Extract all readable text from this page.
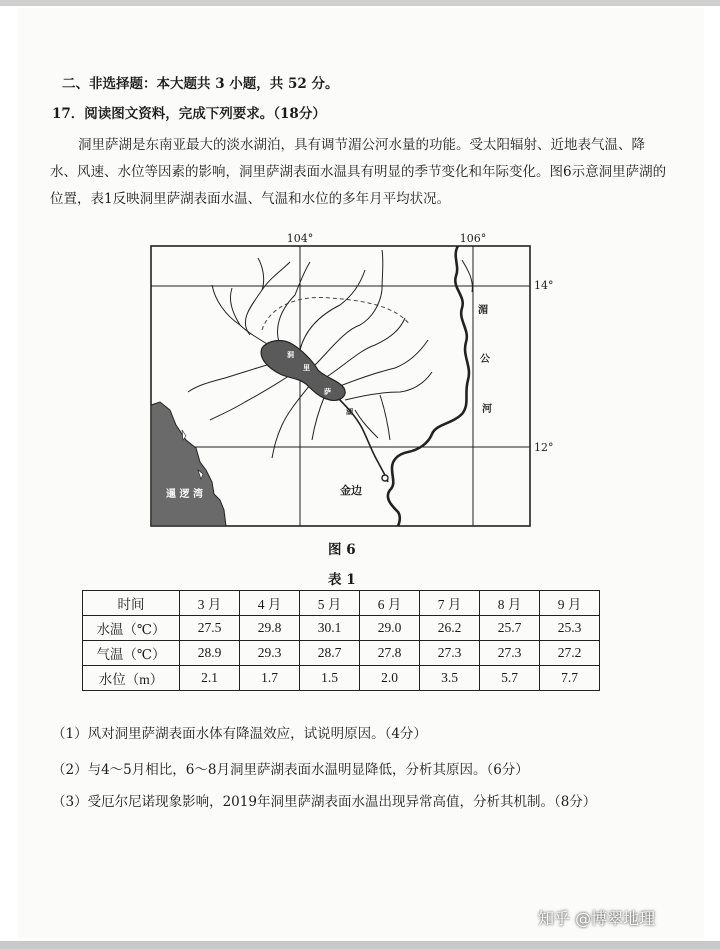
二、非选择题：本大题共 3 小题，共 52 分。
17．阅读图文资料，完成下列要求。（18分）
洞里萨湖是东南亚最大的淡水湖泊，具有调节湄公河水量的功能。受太阳辐射、近地表气温、降水、风速、水位等因素的影响，洞里萨湖表面水温具有明显的季节变化和年际变化。图6示意洞里萨湖的位置，表1反映洞里萨湖表面水温、气温和水位的多年月平均状况。
洞
里
萨
湖
湄
公
河
暹 逻 湾	金边
104°	106°
14°
12°
图 6
表 1
时间	3 月	4 月	5 月	6 月	7 月	8 月	9 月
水温（℃）	27.5	29.8	30.1	29.0	26.2	25.7	25.3
气温（℃）	28.9	29.3	28.7	27.8	27.3	27.3	27.2
水位（m）	2.1	1.7	1.5	2.0	3.5	5.7	7.7
（1）风对洞里萨湖表面水体有降温效应，试说明原因。（4分）
（2）与4～5月相比，6～8月洞里萨湖表面水温明显降低，分析其原因。（6分）
（3）受厄尔尼诺现象影响，2019年洞里萨湖表面水温出现异常高值，分析其机制。（8分）
知乎 @博翠地理
